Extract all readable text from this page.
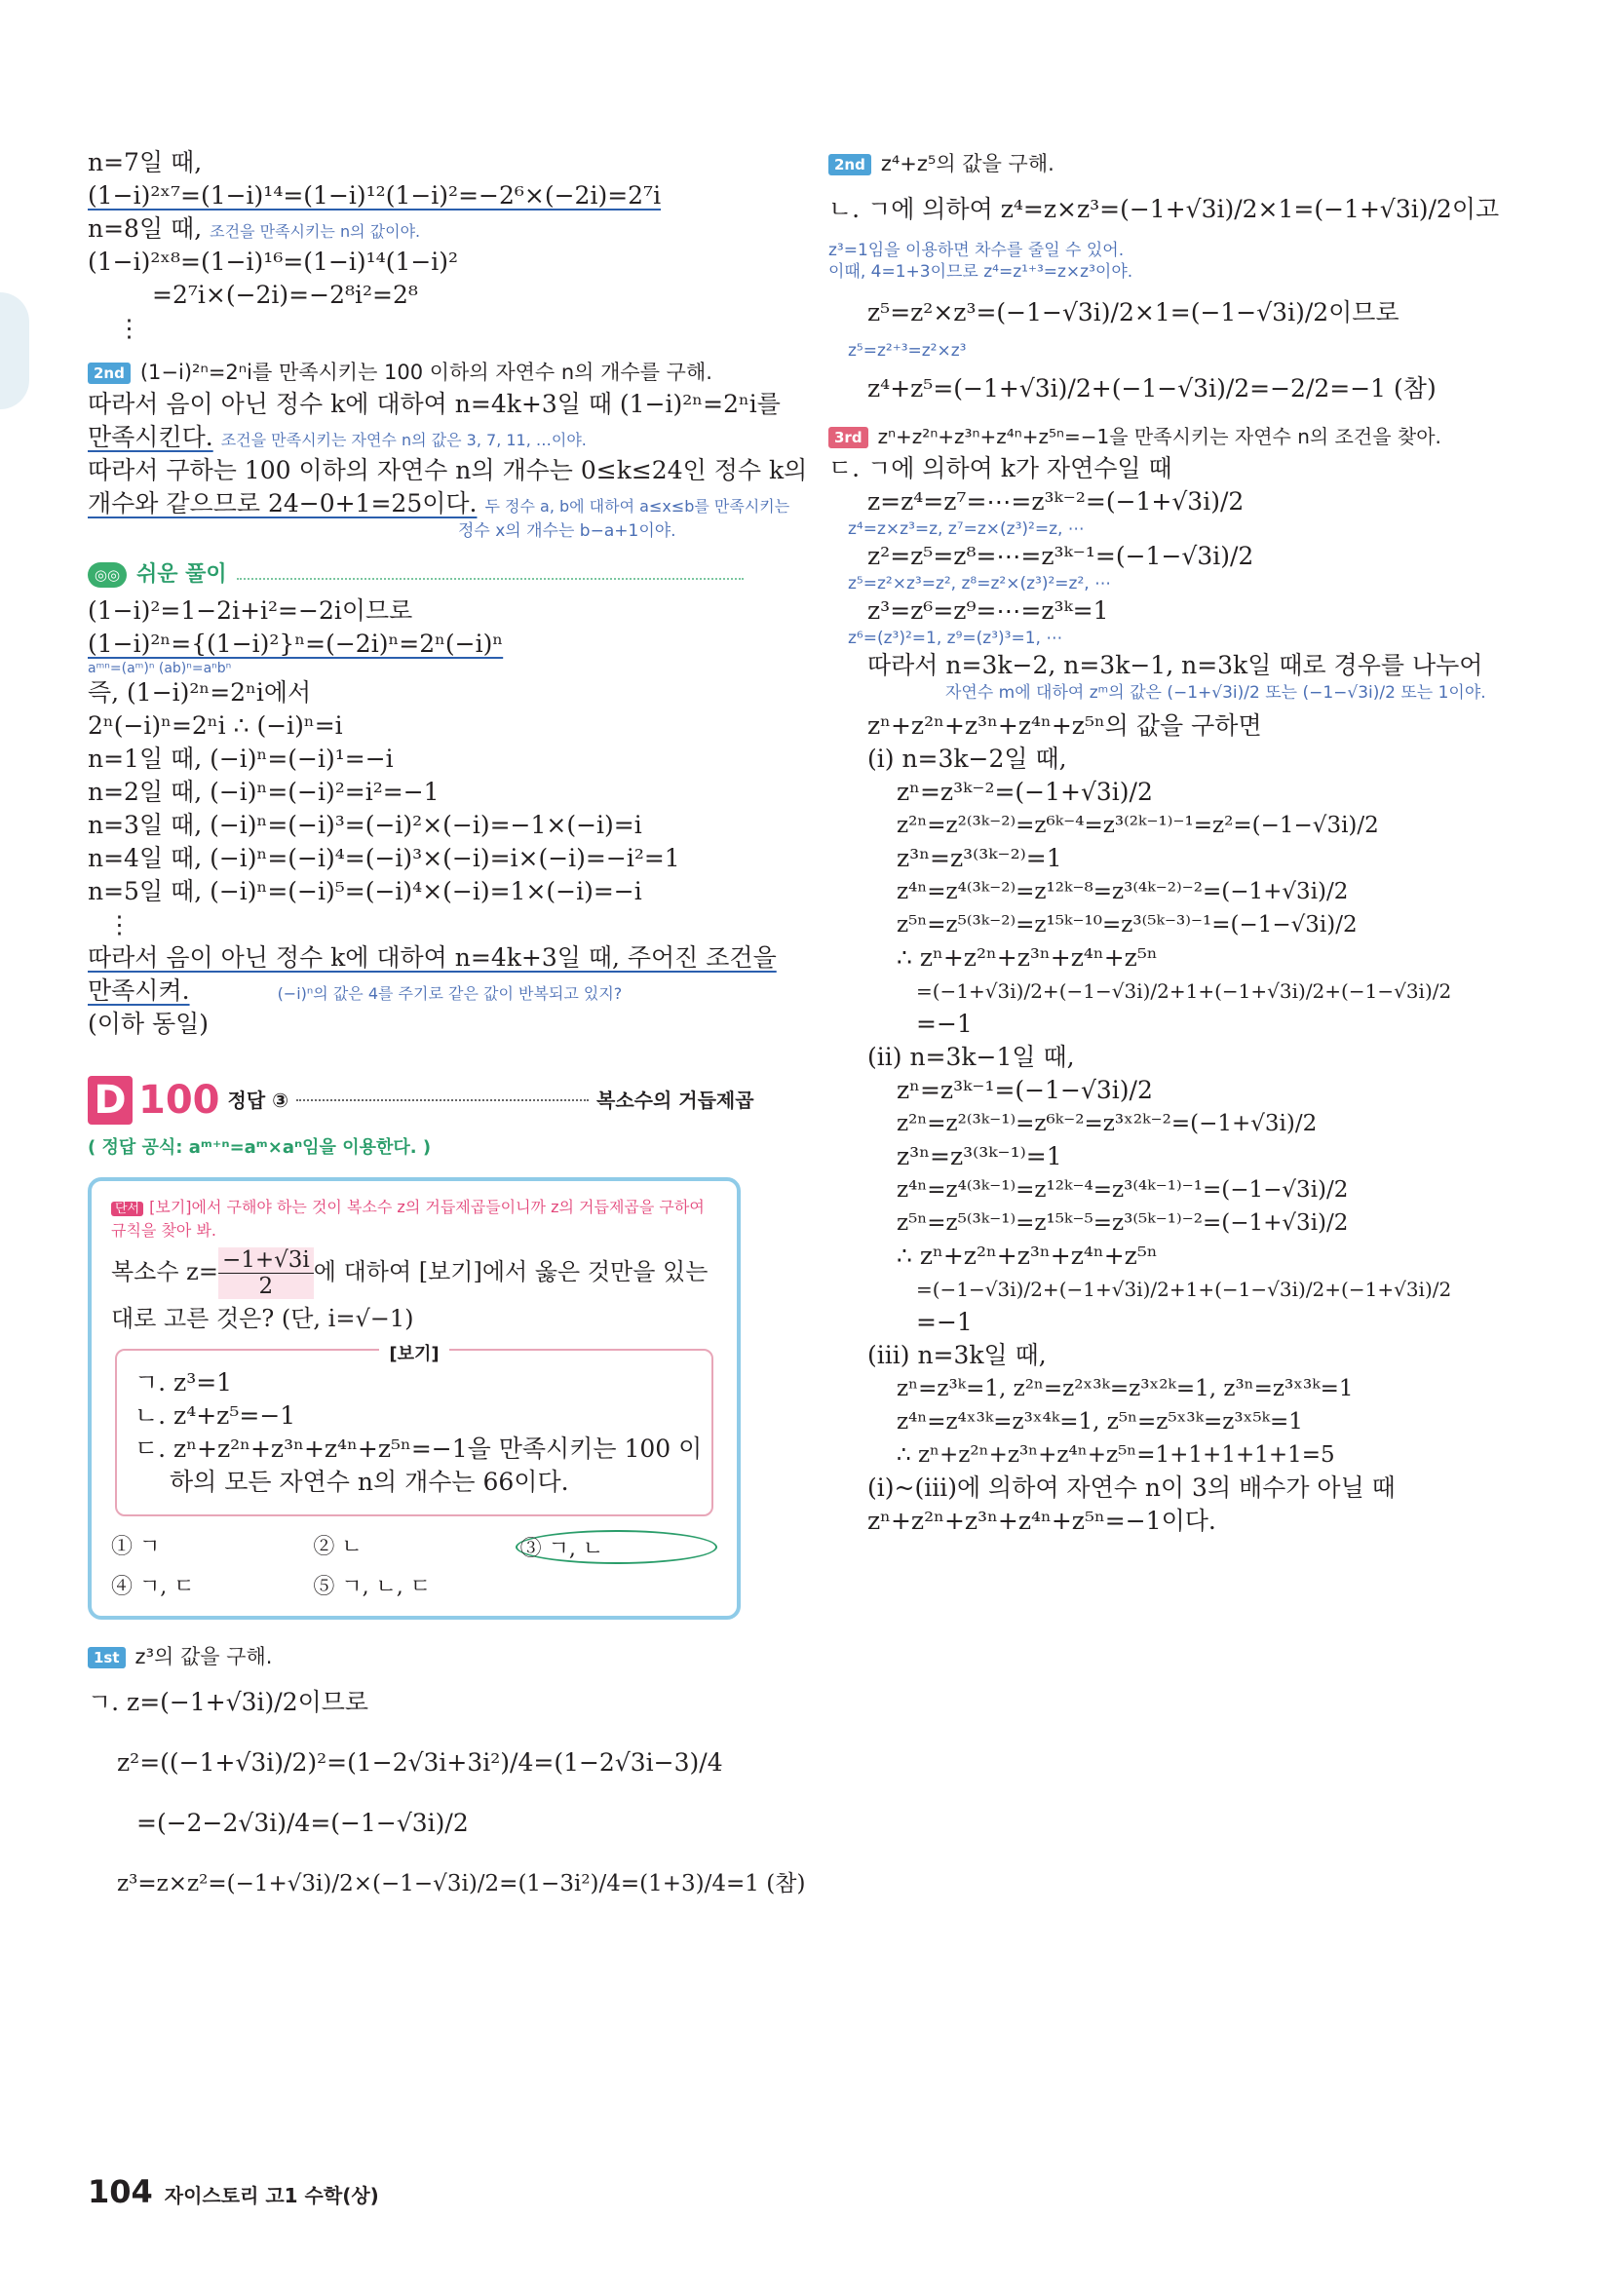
n=7일 때,
(1−i)²ˣ⁷=(1−i)¹⁴=(1−i)¹²(1−i)²=−2⁶×(−2i)=2⁷i
n=8일 때, 조건을 만족시키는 n의 값이야.
(1−i)²ˣ⁸=(1−i)¹⁶=(1−i)¹⁴(1−i)²
=2⁷i×(−2i)=−2⁸i²=2⁸
⋮
2nd (1−i)²ⁿ=2ⁿi를 만족시키는 100 이하의 자연수 n의 개수를 구해.
따라서 음이 아닌 정수 k에 대하여 n=4k+3일 때 (1−i)²ⁿ=2ⁿi를
만족시킨다. 조건을 만족시키는 자연수 n의 값은 3, 7, 11, …이야.
따라서 구하는 100 이하의 자연수 n의 개수는 0≤k≤24인 정수 k의
개수와 같으므로 24−0+1=25이다. 두 정수 a, b에 대하여 a≤x≤b를 만족시키는
정수 x의 개수는 b−a+1이야.
◎◎ 쉬운 풀이
(1−i)²=1−2i+i²=−2i이므로
(1−i)²ⁿ={(1−i)²}ⁿ=(−2i)ⁿ=2ⁿ(−i)ⁿ
aᵐⁿ=(aᵐ)ⁿ (ab)ⁿ=aⁿbⁿ
즉, (1−i)²ⁿ=2ⁿi에서
2ⁿ(−i)ⁿ=2ⁿi ∴ (−i)ⁿ=i
n=1일 때, (−i)ⁿ=(−i)¹=−i
n=2일 때, (−i)ⁿ=(−i)²=i²=−1
n=3일 때, (−i)ⁿ=(−i)³=(−i)²×(−i)=−1×(−i)=i
n=4일 때, (−i)ⁿ=(−i)⁴=(−i)³×(−i)=i×(−i)=−i²=1
n=5일 때, (−i)ⁿ=(−i)⁵=(−i)⁴×(−i)=1×(−i)=−i
⋮
따라서 음이 아닌 정수 k에 대하여 n=4k+3일 때, 주어진 조건을
만족시켜.	(−i)ⁿ의 값은 4를 주기로 같은 값이 반복되고 있지?
(이하 동일)
D 100 정답 ③	복소수의 거듭제곱
( 정답 공식: aᵐ⁺ⁿ=aᵐ×aⁿ임을 이용한다. )
단서 [보기]에서 구해야 하는 것이 복소수 z의 거듭제곱들이니까 z의 거듭제곱을 구하여 규칙을 찾아 봐.
복소수 $z= \frac{-1+√3i}{2}$ 에 대하여 [보기]에서 옳은 것만을 있는
대로 고른 것은? (단, i=√−1)
[보기]
ㄱ. z³=1
ㄴ. z⁴+z⁵=−1
ㄷ. zⁿ+z²ⁿ+z³ⁿ+z⁴ⁿ+z⁵ⁿ=−1을 만족시키는 100 이
하의 모든 자연수 n의 개수는 66이다.
① ㄱ	② ㄴ	③ ㄱ, ㄴ
④ ㄱ, ㄷ	⑤ ㄱ, ㄴ, ㄷ
1st z³의 값을 구해.
ㄱ. z=(−1+√3i)/2이므로
z²=((−1+√3i)/2)²=(1−2√3i+3i²)/4=(1−2√3i−3)/4
=(−2−2√3i)/4=(−1−√3i)/2
z³=z×z²=(−1+√3i)/2×(−1−√3i)/2=(1−3i²)/4=(1+3)/4=1 (참)
2nd z⁴+z⁵의 값을 구해.
ㄴ. ㄱ에 의하여 z⁴=z×z³=(−1+√3i)/2×1=(−1+√3i)/2이고
z³=1임을 이용하면 차수를 줄일 수 있어.
이때, 4=1+3이므로 z⁴=z¹⁺³=z×z³이야.
z⁵=z²×z³=(−1−√3i)/2×1=(−1−√3i)/2이므로
z⁵=z²⁺³=z²×z³
z⁴+z⁵=(−1+√3i)/2+(−1−√3i)/2=−2/2=−1 (참)
3rd zⁿ+z²ⁿ+z³ⁿ+z⁴ⁿ+z⁵ⁿ=−1을 만족시키는 자연수 n의 조건을 찾아.
ㄷ. ㄱ에 의하여 k가 자연수일 때
z=z⁴=z⁷=⋯=z³ᵏ⁻²=(−1+√3i)/2
z⁴=z×z³=z, z⁷=z×(z³)²=z, ⋯
z²=z⁵=z⁸=⋯=z³ᵏ⁻¹=(−1−√3i)/2
z⁵=z²×z³=z², z⁸=z²×(z³)²=z², ⋯
z³=z⁶=z⁹=⋯=z³ᵏ=1
z⁶=(z³)²=1, z⁹=(z³)³=1, ⋯
따라서 n=3k−2, n=3k−1, n=3k일 때로 경우를 나누어
자연수 m에 대하여 zᵐ의 값은 (−1+√3i)/2 또는 (−1−√3i)/2 또는 1이야.
zⁿ+z²ⁿ+z³ⁿ+z⁴ⁿ+z⁵ⁿ의 값을 구하면
(i) n=3k−2일 때,
zⁿ=z³ᵏ⁻²=(−1+√3i)/2
z²ⁿ=z²⁽³ᵏ⁻²⁾=z⁶ᵏ⁻⁴=z³⁽²ᵏ⁻¹⁾⁻¹=z²=(−1−√3i)/2
z³ⁿ=z³⁽³ᵏ⁻²⁾=1
z⁴ⁿ=z⁴⁽³ᵏ⁻²⁾=z¹²ᵏ⁻⁸=z³⁽⁴ᵏ⁻²⁾⁻²=(−1+√3i)/2
z⁵ⁿ=z⁵⁽³ᵏ⁻²⁾=z¹⁵ᵏ⁻¹⁰=z³⁽⁵ᵏ⁻³⁾⁻¹=(−1−√3i)/2
∴ zⁿ+z²ⁿ+z³ⁿ+z⁴ⁿ+z⁵ⁿ
=(−1+√3i)/2+(−1−√3i)/2+1+(−1+√3i)/2+(−1−√3i)/2
=−1
(ii) n=3k−1일 때,
zⁿ=z³ᵏ⁻¹=(−1−√3i)/2
z²ⁿ=z²⁽³ᵏ⁻¹⁾=z⁶ᵏ⁻²=z³ˣ²ᵏ⁻²=(−1+√3i)/2
z³ⁿ=z³⁽³ᵏ⁻¹⁾=1
z⁴ⁿ=z⁴⁽³ᵏ⁻¹⁾=z¹²ᵏ⁻⁴=z³⁽⁴ᵏ⁻¹⁾⁻¹=(−1−√3i)/2
z⁵ⁿ=z⁵⁽³ᵏ⁻¹⁾=z¹⁵ᵏ⁻⁵=z³⁽⁵ᵏ⁻¹⁾⁻²=(−1+√3i)/2
∴ zⁿ+z²ⁿ+z³ⁿ+z⁴ⁿ+z⁵ⁿ
=(−1−√3i)/2+(−1+√3i)/2+1+(−1−√3i)/2+(−1+√3i)/2
=−1
(iii) n=3k일 때,
zⁿ=z³ᵏ=1, z²ⁿ=z²ˣ³ᵏ=z³ˣ²ᵏ=1, z³ⁿ=z³ˣ³ᵏ=1
z⁴ⁿ=z⁴ˣ³ᵏ=z³ˣ⁴ᵏ=1, z⁵ⁿ=z⁵ˣ³ᵏ=z³ˣ⁵ᵏ=1
∴ zⁿ+z²ⁿ+z³ⁿ+z⁴ⁿ+z⁵ⁿ=1+1+1+1+1=5
(i)~(iii)에 의하여 자연수 n이 3의 배수가 아닐 때
zⁿ+z²ⁿ+z³ⁿ+z⁴ⁿ+z⁵ⁿ=−1이다.
104 자이스토리 고1 수학(상)
